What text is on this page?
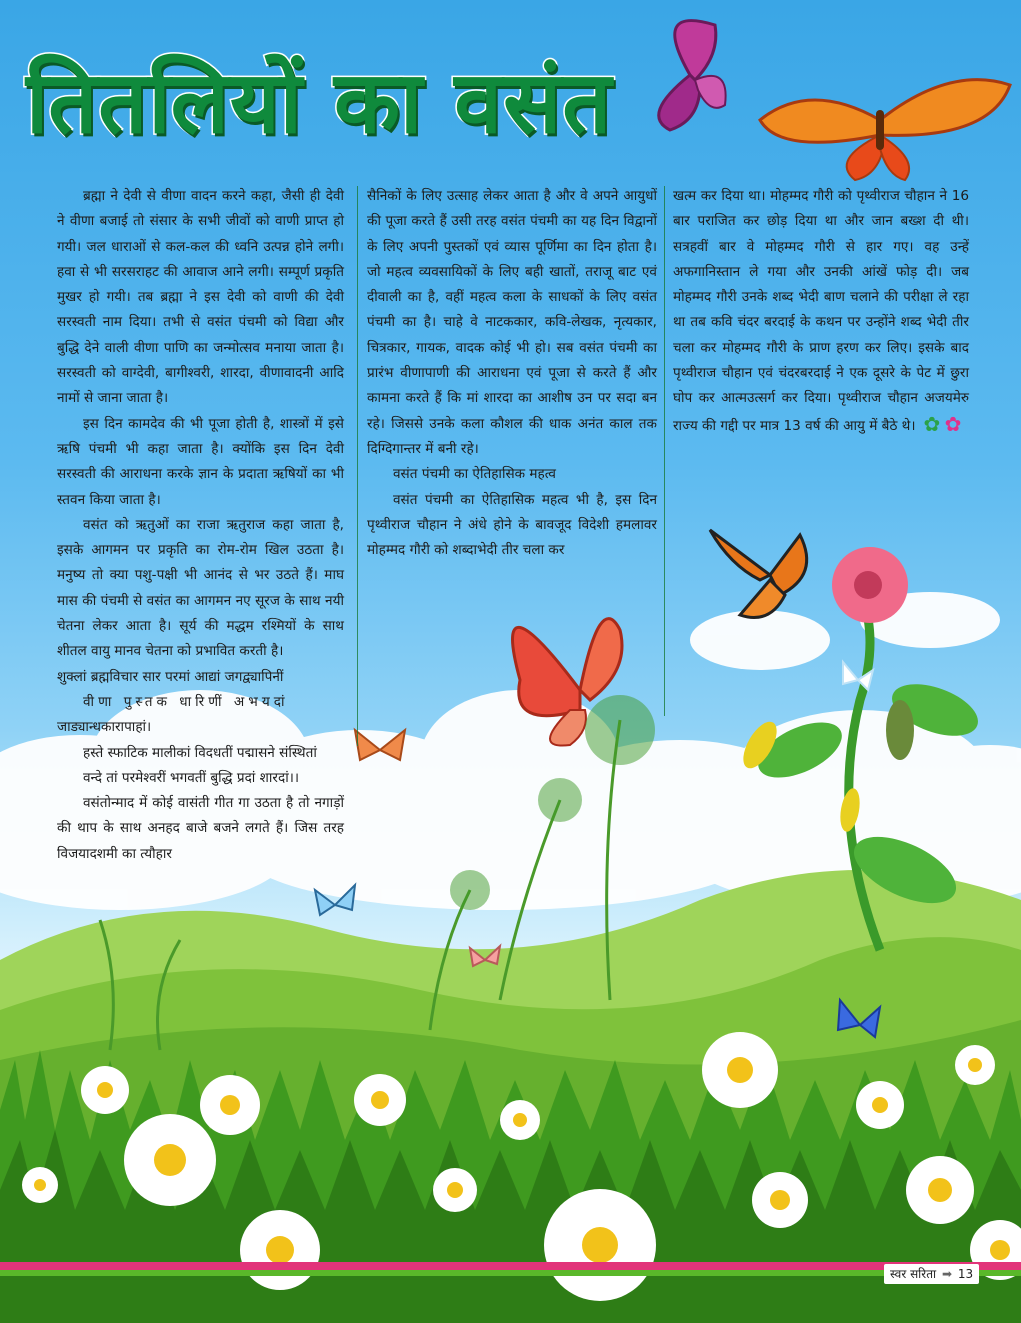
तितलियों का वसंत

ब्रह्मा ने देवी से वीणा वादन करने कहा, जैसी ही देवी ने वीणा बजाई तो संसार के सभी जीवों को वाणी प्राप्त हो गयी। जल धाराओं से कल-कल की ध्वनि उत्पन्न होने लगी। हवा से भी सरसराहट की आवाज आने लगी। सम्पूर्ण प्रकृति मुखर हो गयी। तब ब्रह्मा ने इस देवी को वाणी की देवी सरस्वती नाम दिया। तभी से वसंत पंचमी को विद्या और बुद्धि देने वाली वीणा पाणि का जन्मोत्सव मनाया जाता है। सरस्वती को वाग्देवी, बागीश्वरी, शारदा, वीणावादनी आदि नामों से जाना जाता है।

इस दिन कामदेव की भी पूजा होती है, शास्त्रों में इसे ऋषि पंचमी भी कहा जाता है। क्योंकि इस दिन देवी सरस्वती की आराधना करके ज्ञान के प्रदाता ऋषियों का भी स्तवन किया जाता है।

वसंत को ऋतुओं का राजा ऋतुराज कहा जाता है, इसके आगमन पर प्रकृति का रोम-रोम खिल उठता है। मनुष्य तो क्या पशु-पक्षी भी आनंद से भर उठते हैं। माघ मास की पंचमी से वसंत का आगमन नए सूरज के साथ नयी चेतना लेकर आता है। सूर्य की मद्धम रश्मियों के साथ शीतल वायु मानव चेतना को प्रभावित करती है।

शुक्लां ब्रह्मविचार सार परमां आद्यां जगद्व्यापिनीं

वीणा पुस्तक धारिणीं अभयदां

जाड्यान्धकारापाहां।

हस्ते स्फाटिक मालीकां विदधतीं पद्मासने संस्थितां

वन्दे तां परमेश्वरीं भगवतीं बुद्धि प्रदां शारदां।।

वसंतोन्माद में कोई वासंती गीत गा उठता है तो नगाड़ों की थाप के साथ अनहद बाजे बजने लगते हैं। जिस तरह विजयादशमी का त्यौहार

सैनिकों के लिए उत्साह लेकर आता है और वे अपने आयुधों की पूजा करते हैं उसी तरह वसंत पंचमी का यह दिन विद्वानों के लिए अपनी पुस्तकों एवं व्यास पूर्णिमा का दिन होता है। जो महत्व व्यवसायिकों के लिए बही खातों, तराजू बाट एवं दीवाली का है, वहीं महत्व कला के साधकों के लिए वसंत पंचमी का है। चाहे वे नाटककार, कवि-लेखक, नृत्यकार, चित्रकार, गायक, वादक कोई भी हो। सब वसंत पंचमी का प्रारंभ वीणापाणी की आराधना एवं पूजा से करते हैं और कामना करते हैं कि मां शारदा का आशीष उन पर सदा बन रहे। जिससे उनके कला कौशल की धाक अनंत काल तक दिग्दिगान्तर में बनी रहे।

वसंत पंचमी का ऐतिहासिक महत्व

वसंत पंचमी का ऐतिहासिक महत्व भी है, इस दिन पृथ्वीराज चौहान ने अंधे होने के बावजूद विदेशी हमलावर मोहम्मद गौरी को शब्दाभेदी तीर चला कर

खत्म कर दिया था। मोहम्मद गौरी को पृथ्वीराज चौहान ने 16 बार पराजित कर छोड़ दिया था और जान बख्श दी थी। सत्रहवीं बार वे मोहम्मद गौरी से हार गए। वह उन्हें अफगानिस्तान ले गया और उनकी आंखें फोड़ दी। जब मोहम्मद गौरी उनके शब्द भेदी बाण चलाने की परीक्षा ले रहा था तब कवि चंदर बरदाई के कथन पर उन्होंने शब्द भेदी तीर चला कर मोहम्मद गौरी के प्राण हरण कर लिए। इसके बाद पृथ्वीराज चौहान एवं चंदरबरदाई ने एक दूसरे के पेट में छुरा घोप कर आत्मउत्सर्ग कर दिया। पृथ्वीराज चौहान अजयमेरु राज्य की गद्दी पर मात्र 13 वर्ष की आयु में बैठे थे। ✿ ✿

स्वर सरिता ➡ 13
